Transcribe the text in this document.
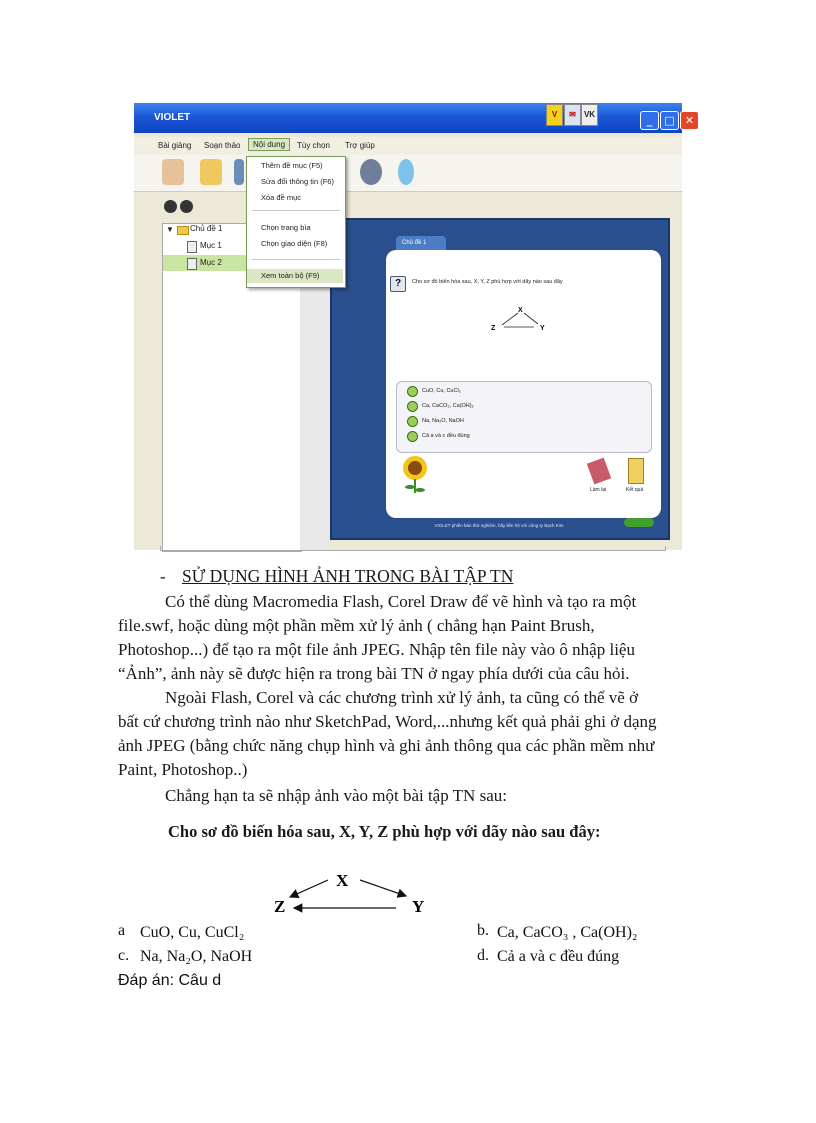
VIOLET	V	✉	VK	_	□ ✕
Bài giảng Soạn thảo	Nội dung	Tùy chọn Trợ giúp
▼ Chủ đề 1
Mục 1
Mục 2
Chủ đề 1
?	Cho sơ đồ biến hóa sau, X, Y, Z phù hợp với dãy nào sau đây
X
Z	Y
CuO, Cu, CuCl₂
Ca, CaCO₃, Ca(OH)₂
Na, Na₂O, NaOH
Cả a và c đều đúng
Làm lại	Kết quả
VIOLET phiên bản thử nghiệm, hãy liên hệ với công ty Bạch Kim
Thêm đề mục (F5)
Sửa đổi thông tin (F6)
Xóa đề mục
Chọn trang bìa
Chọn giao diện (F8)
Xem toàn bộ (F9)
- SỬ DỤNG HÌNH ẢNH TRONG BÀI TẬP TN
Có thể dùng Macromedia Flash, Corel Draw để vẽ hình và tạo ra một
file.swf, hoặc dùng một phần mềm xử lý ảnh ( chẳng hạn Paint Brush,
Photoshop...) để tạo ra một file ảnh JPEG. Nhập tên file này vào ô nhập liệu
“Ảnh”, ảnh này sẽ được hiện ra trong bài TN ở ngay phía dưới của câu hỏi.
Ngoài Flash, Corel và các chương trình xử lý ảnh, ta cũng có thể vẽ ở
bất cứ chương trình nào như SketchPad, Word,...nhưng kết quả phải ghi ở dạng
ảnh JPEG (bằng chức năng chụp hình và ghi ảnh thông qua các phần mềm như
Paint, Photoshop..)
Chẳng hạn ta sẽ nhập ảnh vào một bài tập TN sau:
Cho sơ đồ biến hóa sau, X, Y, Z phù hợp với dãy nào sau đây:
X
Z	Y
a CuO, Cu, CuCl₂	b. Ca, CaCO₃ , Ca(OH)₂
c. Na, Na₂O, NaOH	d. Cả a và c đều đúng
Đáp án: Câu d
